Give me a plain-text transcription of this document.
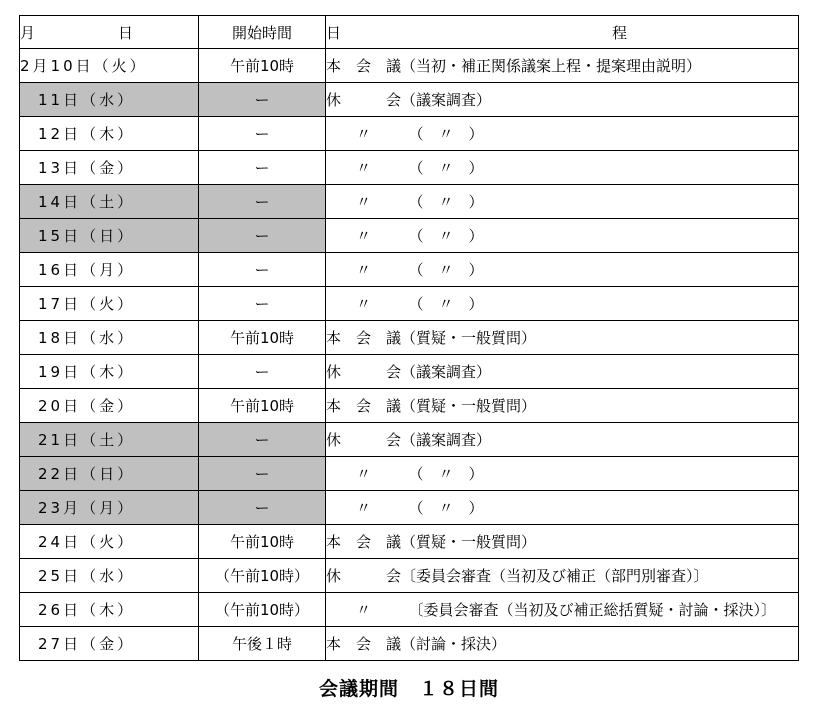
月　日	開始時間	日　程
2月10日（火）	午前10時	本　会　議（当初・補正関係議案上程・提案理由説明）
　11日（水）	ー	休　　　会（議案調査）
　12日（木）	ー	　　〃　　　（　〃　）
　13日（金）	ー	　　〃　　　（　〃　）
　14日（土）	ー	　　〃　　　（　〃　）
　15日（日）	ー	　　〃　　　（　〃　）
　16日（月）	ー	　　〃　　　（　〃　）
　17日（火）	ー	　　〃　　　（　〃　）
　18日（水）	午前10時	本　会　議（質疑・一般質問）
　19日（木）	ー	休　　　会（議案調査）
　20日（金）	午前10時	本　会　議（質疑・一般質問）
　21日（土）	ー	休　　　会（議案調査）
　22日（日）	ー	　　〃　　　（　〃　）
　23月（月）	ー	　　〃　　　（　〃　）
　24日（火）	午前10時	本　会　議（質疑・一般質問）
　25日（水）	（午前10時）	休　　　会〔委員会審査（当初及び補正（部門別審査）〕
　26日（木）	（午前10時）	　　〃　　　〔委員会審査（当初及び補正総括質疑・討論・採決）〕
　27日（金）	午後１時	本　会　議（討論・採決）
会議期間　１８日間
